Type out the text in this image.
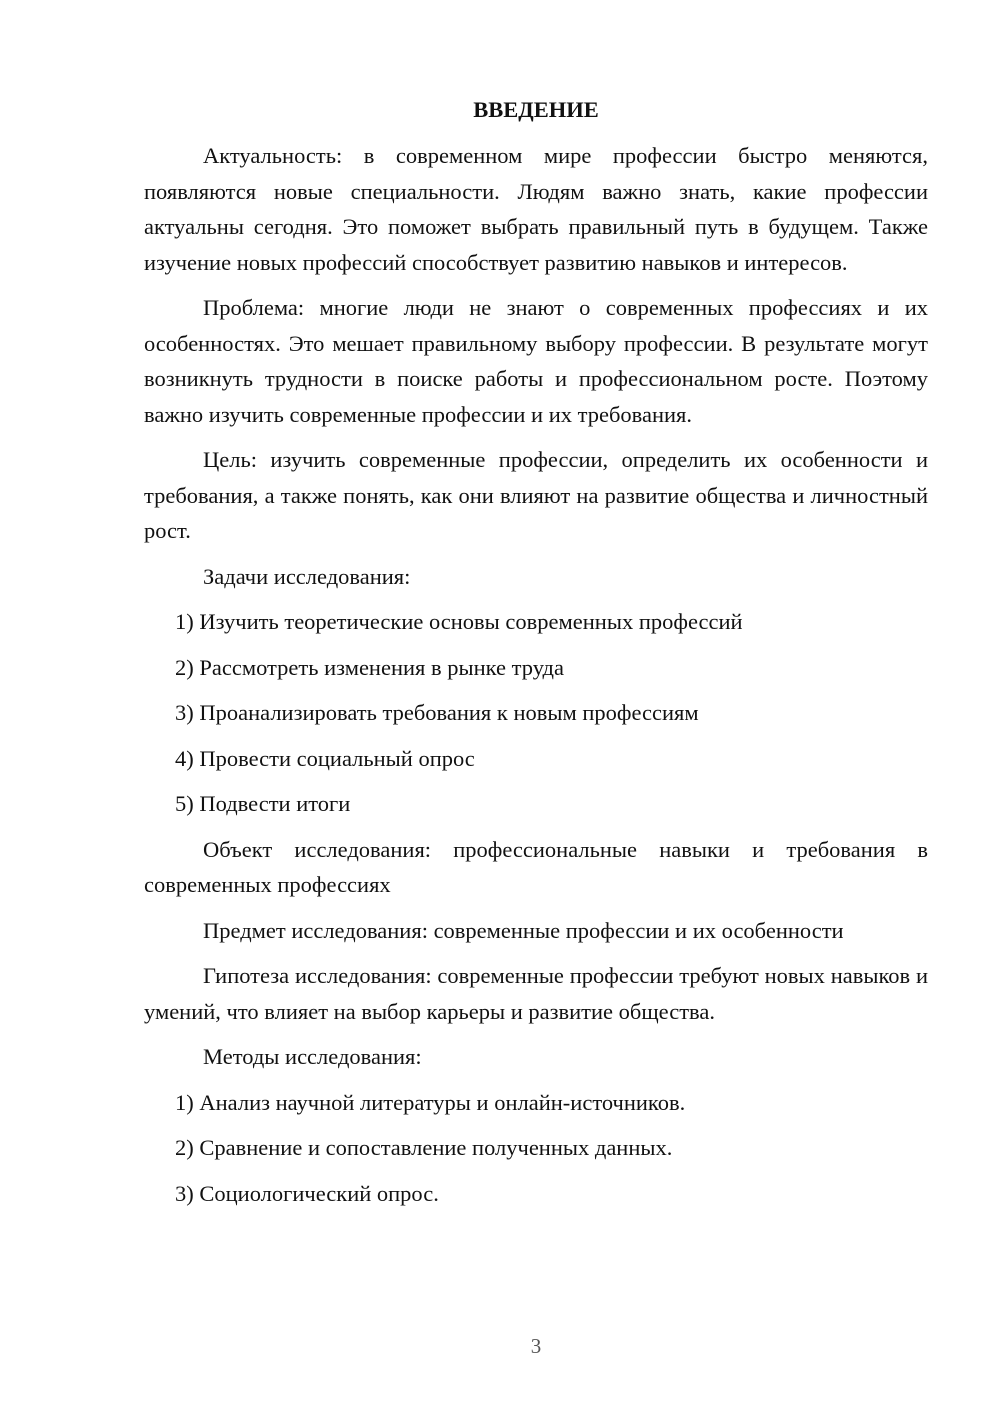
ВВЕДЕНИЕ

Актуальность: в современном мире профессии быстро меняются, появляются новые специальности. Людям важно знать, какие профессии актуальны сегодня. Это поможет выбрать правильный путь в будущем. Также изучение новых профессий способствует развитию навыков и интересов.

Проблема: многие люди не знают о современных профессиях и их особенностях. Это мешает правильному выбору профессии. В результате могут возникнуть трудности в поиске работы и профессиональном росте. Поэтому важно изучить современные профессии и их требования.

Цель: изучить современные профессии, определить их особенности и требования, а также понять, как они влияют на развитие общества и личностный рост.

Задачи исследования:

1) Изучить теоретические основы современных профессий
2) Рассмотреть изменения в рынке труда
3) Проанализировать требования к новым профессиям
4) Провести социальный опрос
5) Подвести итоги

Объект исследования: профессиональные навыки и требования в современных профессиях

Предмет исследования: современные профессии и их особенности

Гипотеза исследования: современные профессии требуют новых навыков и умений, что влияет на выбор карьеры и развитие общества.

Методы исследования:

1) Анализ научной литературы и онлайн-источников.
2) Сравнение и сопоставление полученных данных.
3) Социологический опрос.
3
